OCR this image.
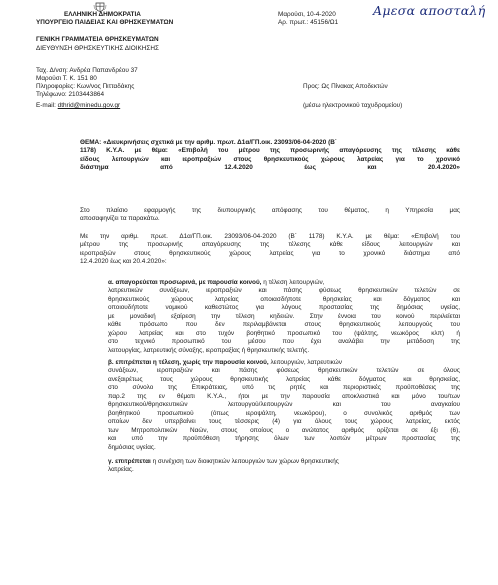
ΕΛΛΗΝΙΚΗ ΔΗΜΟΚΡΑΤΙΑ
ΥΠΟΥΡΓΕΙΟ ΠΑΙΔΕΙΑΣ ΚΑΙ ΘΡΗΣΚΕΥΜΑΤΩΝ
ΓΕΝΙΚΗ ΓΡΑΜΜΑΤΕΙΑ ΘΡΗΣΚΕΥΜΑΤΩΝ
ΔΙΕΥΘΥΝΣΗ ΘΡΗΣΚΕΥΤΙΚΗΣ ΔΙΟΙΚΗΣΗΣ
Μαρούσι, 10-4-2020
Αρ. πρωτ.: 45156/Ω1
Αμεσα αποσταλή
Ταχ. Δ/νση: Ανδρέα Παπανδρέου 37
Μαρούσι Τ. Κ. 151 80
Πληροφορίες: Κων/νος Πιτταδάκης
Τηλέφωνο: 2103443864
E-mail: dthrid@minedu.gov.gr
Προς: Ως Πίνακας Αποδεκτών
(μέσω ηλεκτρονικού ταχυδρομείου)
ΘΕΜΑ: «Διευκρινήσεις σχετικά με την αριθμ. πρωτ. Δ1α/ΓΠ.οικ. 23093/06-04-2020 (Β΄
1178) Κ.Υ.Α. με θέμα: «Επιβολή του μέτρου της προσωρινής απαγόρευσης της τέλεσης κάθε
είδους λειτουργιών και ιεροπραξιών στους θρησκευτικούς χώρους λατρείας για το χρονικό
διάστημα από 12.4.2020 έως και 20.4.2020»
Στο πλαίσιο εφαρμογής της διυπουργικής απόφασης του θέματος, η Υπηρεσία μας
αποσαφηνίζει τα παρακάτω.
Με την αριθμ. πρωτ. Δ1α/ΓΠ.οικ. 23093/06-04-2020 (Β΄ 1178) Κ.Υ.Α. με θέμα: «Επιβολή του
μέτρου της προσωρινής απαγόρευσης της τέλεσης κάθε είδους λειτουργιών και
ιεροπραξιών στους θρησκευτικούς χώρους λατρείας για το χρονικό διάστημα από
12.4.2020 έως και 20.4.2020»:
α. απαγορεύεται προσωρινά, με παρουσία κοινού, η τέλεση λειτουργιών,
λατρευτικών συνάξεων, ιεροπραξιών και πάσης φύσεως θρησκευτικών τελετών σε
θρησκευτικούς χώρους λατρείας οποιασδήποτε θρησκείας και δόγματος και
οποιουδήποτε νομικού καθεστώτος για λόγους προστασίας της δημόσιας υγείας,
με μοναδική εξαίρεση την τέλεση κηδειών. Στην έννοια του κοινού περιλείεται
κάθε πρόσωπο που δεν περιλαμβάνεται στους θρησκευτικούς λειτουργούς του
χώρου λατρείας και στο τυχόν βοηθητικό προσωπικό του (ψάλτης, νεωκόρος κλπ) ή
στο τεχνικό προσωπικό του μέσου που έχει αναλάβει την μετάδοση της
λειτουργίας, λατρευτικής σύναξης, ιεροπραξίας ή θρησκευτικής τελετής.
β. επιτρέπεται η τέλεση, χωρίς την παρουσία κοινού, λειτουργιών, λατρευτικών
συνάξεων, ιεροπραξιών και πάσης φύσεως θρησκευτικών τελετών σε όλους
ανεξαιρέτως τους χώρους θρησκευτικής λατρείας κάθε δόγματος και θρησκείας,
στο σύνολο της Επικράτειας, υπό τις ρητές και περιοριστικές προϋποθέσεις της
παρ.2 της εν θέματι Κ.Υ.Α., ήτοι με την παρουσία αποκλειστικά και μόνο του/των
θρησκευτικού/θρησκευτικών          λειτουργού/λειτουργών          και          του          αναγκαίου
βοηθητικού προσωπικού (όπως ιεροψάλτη, νεωκόρου), ο συνολικός αριθμός των
οποίων δεν υπερβαίνει τους τέσσερις (4) για όλους τους χώρους λατρείας, εκτός
των Μητροπολιτικών Ναών, στους οποίους ο ανώτατος αριθμός ορίζεται σε έξι (6),
και υπό την προϋπόθεση τήρησης όλων των λοιπών μέτρων προστασίας της
δημόσιας υγείας.
γ. επιτρέπεται η συνέχιση των διοικητικών λειτουργιών των χώρων θρησκευτικής
λατρείας.
